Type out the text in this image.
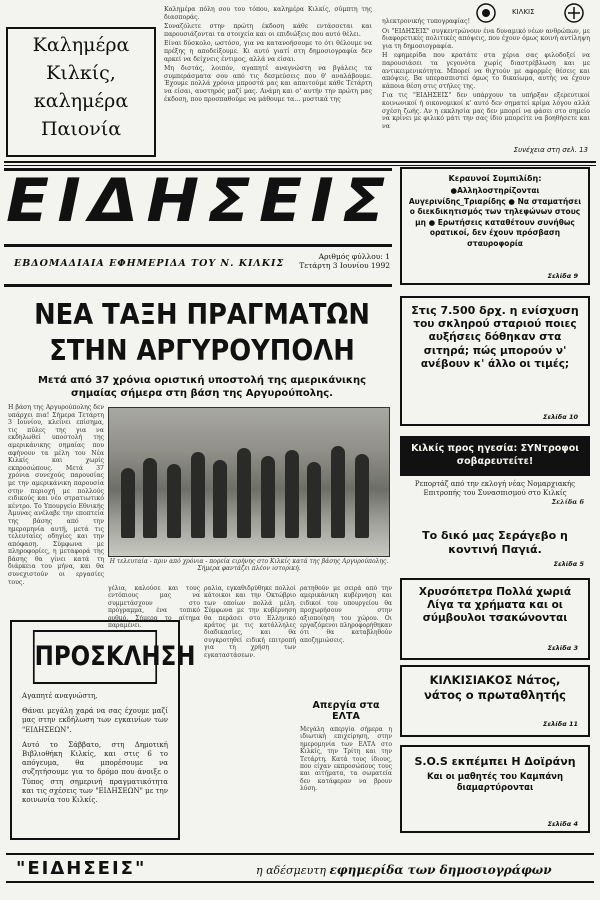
ΚΙΛΚΙΣ
Καλημέρα
Κιλκίς,
καλημέρα
Παιονία

Καλημέρα πόλη σου του τόπου, καλημέρα Κιλκίς, σύμπτη της διασποράς.

Συναζόλετε στην πρώτη έκδοση κάθε εντάσσεται και παρουσιάζονται τα στοιχεία και οι επιδιώξεις που αυτό θέλει.

Είναι δύσκολο, ωστόσο, για να κατανοήσουμε το ότι θέλουμε να πρέξης η αποδείξουμε. Κι αυτό γιατί στη δημοσιογραφία δεν αρκεί να δείχνεις έντιμος, αλλά να είσαι.

Μη διστάς, λοιπόν, αγαπητέ αναγνώστη να βγάλεις τα συμπεράσματα σου από τις δεσμεύσεις που θ' αναλάβουμε. Έχουμε πολλά χρόνια μπροστά μας και απαιτούμε κάθε Τετάρτη να είσαι, αυστηρός μαζί μας. Ανάμη και σ' αυτήν την πρώτη μας έκδοση, που προσπαθούμε να μάθουμε τα... μυστικά της

ηλεκτρονικής τυπογραφίας!

Οι "ΕΙΔΗΣΕΙΣ" συγκεντρώνουν ένα δυναμικό νέων ανθρώπων, με διαφορετικές πολιτικές απόψεις, που έχουν όμως κοινή αντίληψη για τη δημοσιογραφία.

Η εφημερίδα που κρατάτε στα χέρια σας φιλοδοξεί να παρουσιάσει τα γεγονότα χωρίς διαστρέβλωση και με αντικειμενικότητα. Μπορεί να θιχτούν με αφορμές θέσεις και απόψεις. Βα υπερασπιστεί όμως το δικαίωμα, αυτής να έχουν κάποια θέση στις στήλες της.

Για τις "ΕΙΔΗΣΕΙΣ" δεν υπάρχουν τα υπήρξαν εξερευτικοί κοινωνικοί ή οικονομικοί κ' αυτό δεν σηματεί κρίμα λόγου αλλά σχέση ζωής. Αν η εκκλησία μας δεν μπορεί να φάσει στο σημείο να κρίνει με φιλικό μάτι την σας ίδιο μπορείτε να βοηθήσετε και να

Συνέχεια στη σελ. 13
ΕΙΔΗΣΕΙΣ
ΕΒΔΟΜΑΔΙΑΙΑ ΕΦΗΜΕΡΙΔΑ ΤΟΥ Ν. ΚΙΛΚΙΣ
Αριθμός φύλλου: 1
Τετάρτη 3 Ιουνίου 1992
ΝΕΑ ΤΑΞΗ ΠΡΑΓΜΑΤΩΝ
ΣΤΗΝ ΑΡΓΥΡΟΥΠΟΛΗ
Μετά από 37 χρόνια οριστική υποστολή της αμερικάνικης σημαίας σήμερα στη βάση της Αργυρούπολης.
Η βάση της Αργυρούπολης δεν υπάρχει πια! Σήμερα Τετάρτη 3 Ιουνίου, κλείνει επίσημα, τις πύλες της για να εκδηλωθεί υποστολή της αμερικάνικης σημαίας που αφήνουν τα μέλη του Νέα Κιλκίς και χωρίς εκπροσώπους. Μετά 37 χρόνια συνεχούς παρουσίας με την αμερικάνικη παρουσία στην περιοχή με πολλούς ειδικούς και νέο στρατιωτικό κέντρο. Το Υπουργείο Εθνικής Άμυνας ανέλαβε την εποπτεία της βάσης από την ημερομηνία αυτή, μετά τις τελευταίες οδηγίες και την απόφαση. Σύμφωνα με πληροφορίες, η μεταφορά της βάσης θα γίνει κατά τη διάρκεια του μήνα, και θα συνεχιστούν οι εργασίες τους.
Η τελευταία - πριν από χρόνια - πορεία ειρήνης στο Κιλκίς κατά της βάσης Αργυρούπολης. Σήμερα φαντάζει πλέον ιστορική.
γέλια, καλούσε και τους εντόπιους μας να συμμετάσχουν στο πρόγραμμα, ένα τοπικό ρυθμό. Σήμερα το αίτημα παραμένει.
ραλία, εγκαθιδρύθηκε πολλοί κάτοικοι και την Οκτώβριο των οποίων πολλά μέλη. Σύμφωνα με την κυβέρνηση θα περάσει στο Ελληνικό κράτος με τις κατάλληλες διαδικασίες, και θα συγκροτηθεί ειδική επιτροπή για τη χρήση των εγκαταστάσεων.
ρατηθούν με σειρά από την αμερικάνικη κυβέρνηση και ειδικοί του υπουργείου θα προχωρήσουν στην αξιοποίηση του χώρου. Οι εργαζόμενοι πληροφορήθηκαν ότι θα καταβληθούν αποζημιώσεις.
ΠΡΟΣΚΛΗΣΗ

Αγαπητέ αναγνώστη,

Θάναι μεγάλη χαρά να σας έχουμε μαζί μας στην εκδήλωση των εγκαινίων των "ΕΙΔΗΣΕΩΝ".

Αυτό το Σάββατο, στη Δημοτική Βιβλιοθήκη Κιλκίς, και στις 6 το απόγευμα, θα μπορέσουμε να συζητήσουμε για το δρόμο που άνοιξε ο Τύπος στη σημερινή πραγματικότητα και τις σχέσεις των "ΕΙΔΗΣΕΩΝ" με την κοινωνία του Κιλκίς.

Απεργία στα ΕΛΤΑ
Μεγάλη απεργία σήμερα η ιδιωτική επιχείρηση, στην ημερομηνία των ΕΛΤΑ στο Κιλκίς, την Τρίτη και την Τετάρτη. Κατά τους ίδιους, που είχαν εκπροσώπους τους και αιτήματα, τα σωματεία δεν κατάφεραν να βρουν λύση.
Κεραυνοί Συμπιλίδη:
●Αλληλοστηρίζονται Αυγερινίδης_Τριαρίδης ● Να σταματήσει ο διεκδικητισμός των τηλεφώνων στους μη ● Ερωτήσεις καταθέτουν συνήθως ορατικοί, δεν έχουν πρόσβαση σταυροφορία
Σελίδα 9
Στις 7.500 δρχ. η ενίσχυση
του σκληρού σταριού ποιες αυξήσεις δόθηκαν στα σιτηρά; πώς μπορούν ν' ανέβουν κ' άλλο οι τιμές;
Σελίδα 10
Κιλκίς προς ηγεσία: ΣΥΝτροφοι σοβαρευτείτε!
Ρεπορτάζ από την εκλογή νέας Νομαρχιακής Επιτροπής του Συνασπισμού στο Κιλκίς
Σελίδα 6
Το δικό μας Σεράγεβο η κοντινή Παγιά.
Σελίδα 5
Χρυσόπετρα Πολλά χωριά Λίγα τα χρήματα και οι σύμβουλοι τσακώνονται
Σελίδα 3
ΚΙΛΚΙΣΙΑΚΟΣ Νάτος, νάτος ο πρωταθλητής
Σελίδα 11
S.O.S εκπέμπει Η Δοϊράνη
Και οι μαθητές του Καμπάνη διαμαρτύρονται
Σελίδα 4
"ΕΙΔΗΣΕΙΣ"	η αδέσμευτη εφημερίδα των δημοσιογράφων
